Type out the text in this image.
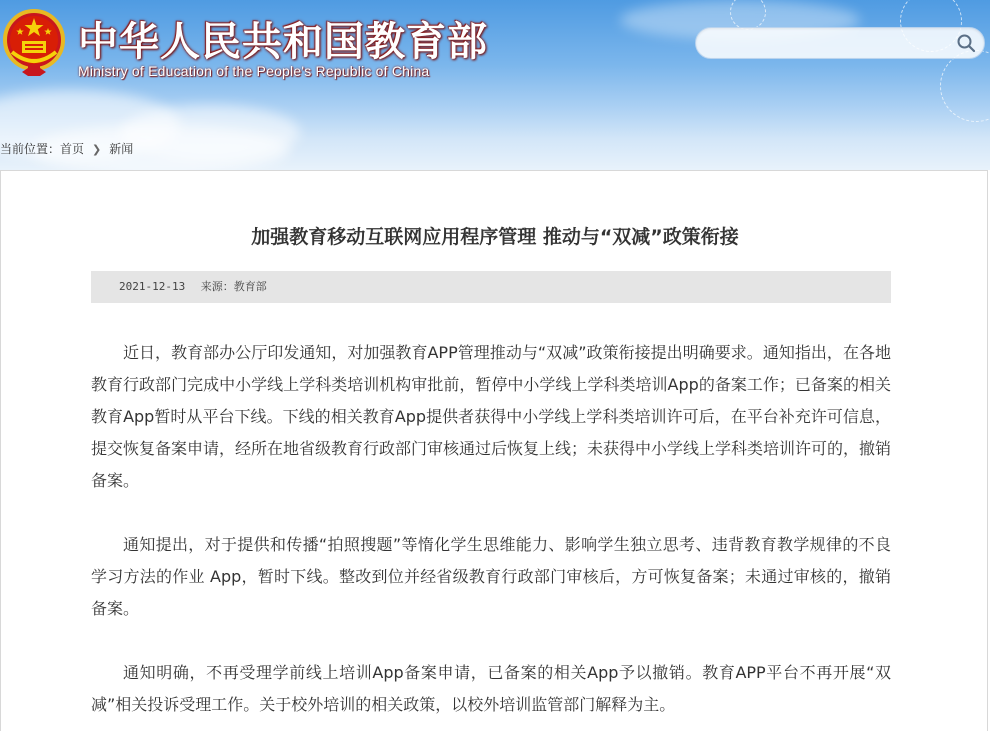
中华人民共和国教育部
Ministry of Education of the People's Republic of China
当前位置：首页 ❯ 新闻
加强教育移动互联网应用程序管理 推动与“双减”政策衔接
2021-12-13 来源：教育部

近日，教育部办公厅印发通知，对加强教育APP管理推动与“双减”政策衔接提出明确要求。通知指出，在各地教育行政部门完成中小学线上学科类培训机构审批前，暂停中小学线上学科类培训App的备案工作；已备案的相关教育App暂时从平台下线。下线的相关教育App提供者获得中小学线上学科类培训许可后，在平台补充许可信息，提交恢复备案申请，经所在地省级教育行政部门审核通过后恢复上线；未获得中小学线上学科类培训许可的，撤销备案。

通知提出，对于提供和传播“拍照搜题”等惰化学生思维能力、影响学生独立思考、违背教育教学规律的不良学习方法的作业 App，暂时下线。整改到位并经省级教育行政部门审核后，方可恢复备案；未通过审核的，撤销备案。

通知明确，不再受理学前线上培训App备案申请，已备案的相关App予以撤销。教育APP平台不再开展“双减”相关投诉受理工作。关于校外培训的相关政策，以校外培训监管部门解释为主。
